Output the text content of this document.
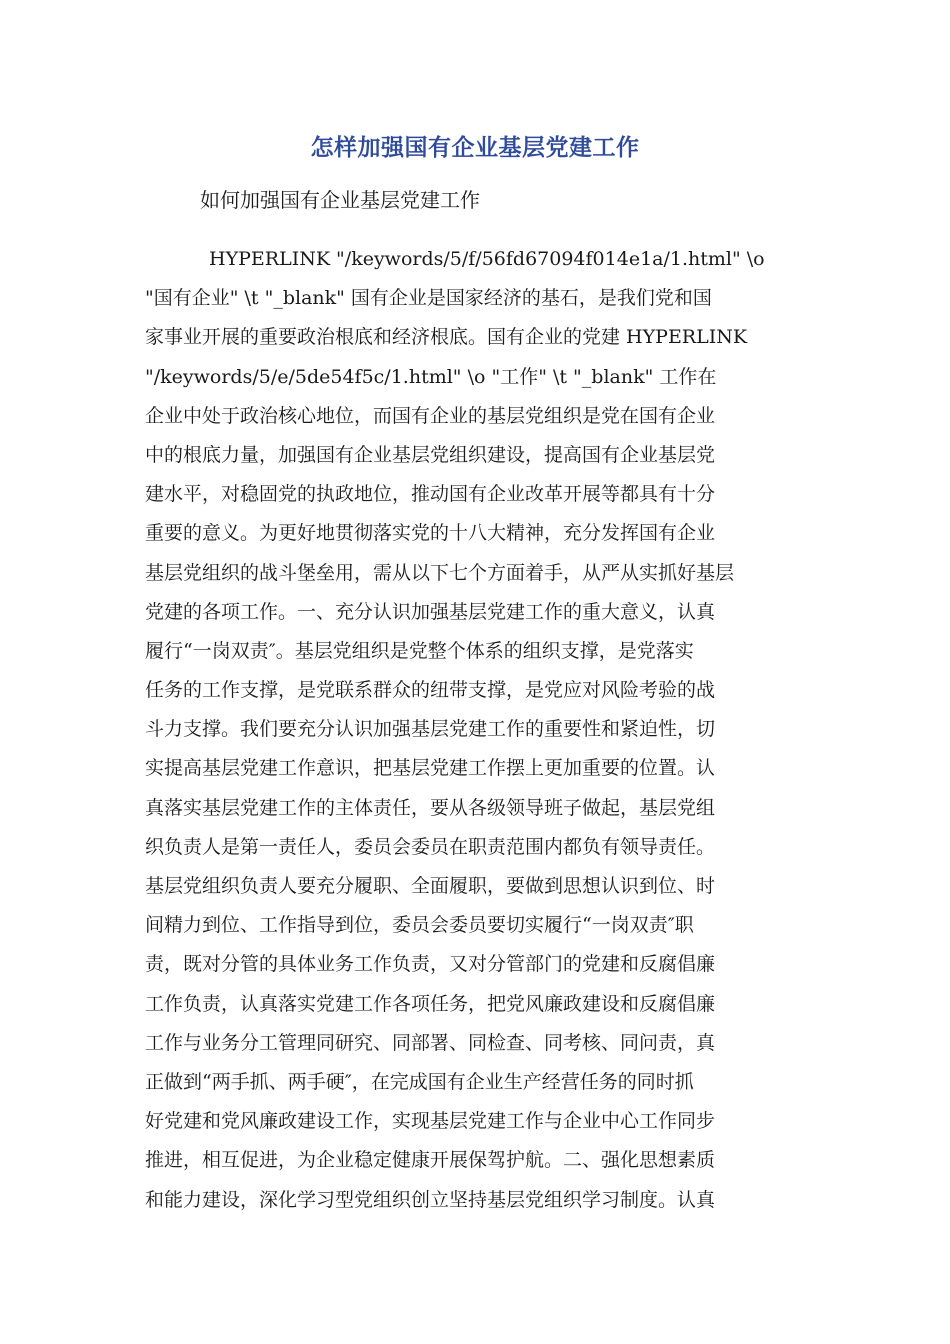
怎样加强国有企业基层党建工作
如何加强国有企业基层党建工作
HYPERLINK "/keywords/5/f/56fd67094f014e1a/1.html" \o
"国有企业" \t "_blank" 国有企业是国家经济的基石，是我们党和国
家事业开展的重要政治根底和经济根底。国有企业的党建 HYPERLINK
"/keywords/5/e/5de54f5c/1.html" \o "工作" \t "_blank" 工作在
企业中处于政治核心地位，而国有企业的基层党组织是党在国有企业
中的根底力量，加强国有企业基层党组织建设，提高国有企业基层党
建水平，对稳固党的执政地位，推动国有企业改革开展等都具有十分
重要的意义。为更好地贯彻落实党的十八大精神，充分发挥国有企业
基层党组织的战斗堡垒用，需从以下七个方面着手，从严从实抓好基层
党建的各项工作。一、充分认识加强基层党建工作的重大意义，认真
履行“一岗双责″。基层党组织是党整个体系的组织支撑，是党落实
任务的工作支撑，是党联系群众的纽带支撑，是党应对风险考验的战
斗力支撑。我们要充分认识加强基层党建工作的重要性和紧迫性，切
实提高基层党建工作意识，把基层党建工作摆上更加重要的位置。认
真落实基层党建工作的主体责任，要从各级领导班子做起，基层党组
织负责人是第一责任人，委员会委员在职责范围内都负有领导责任。
基层党组织负责人要充分履职、全面履职，要做到思想认识到位、时
间精力到位、工作指导到位，委员会委员要切实履行“一岗双责″职
责，既对分管的具体业务工作负责，又对分管部门的党建和反腐倡廉
工作负责，认真落实党建工作各项任务，把党风廉政建设和反腐倡廉
工作与业务分工管理同研究、同部署、同检查、同考核、同问责，真
正做到“两手抓、两手硬″，在完成国有企业生产经营任务的同时抓
好党建和党风廉政建设工作，实现基层党建工作与企业中心工作同步
推进，相互促进，为企业稳定健康开展保驾护航。二、强化思想素质
和能力建设，深化学习型党组织创立坚持基层党组织学习制度。认真
